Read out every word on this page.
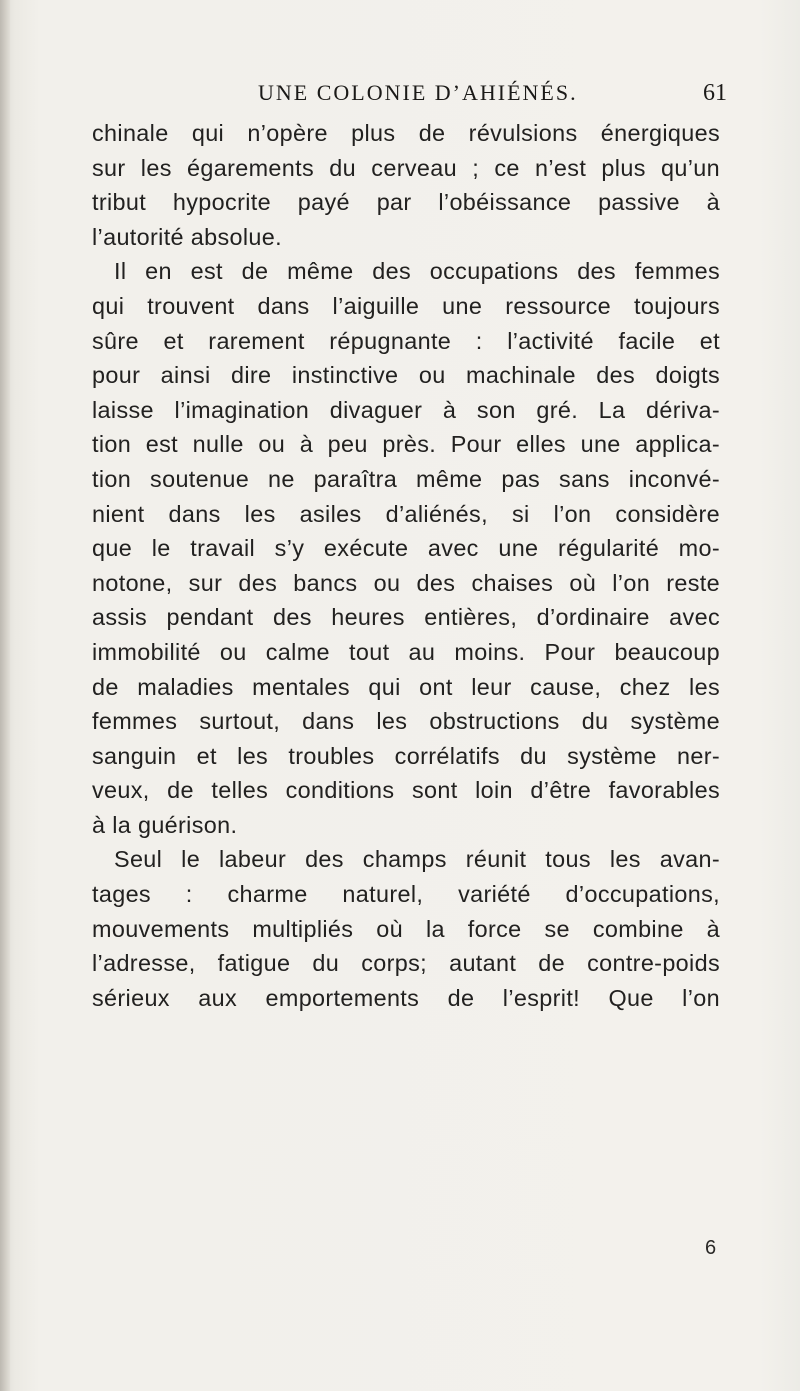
UNE COLONIE D’AHIÉNÉS.	61
chinale qui n’opère plus de révulsions énergiques
sur les égarements du cerveau ; ce n’est plus qu’un
tribut hypocrite payé par l’obéissance passive à
l’autorité absolue.
Il en est de même des occupations des femmes
qui trouvent dans l’aiguille une ressource toujours
sûre et rarement répugnante : l’activité facile et
pour ainsi dire instinctive ou machinale des doigts
laisse l’imagination divaguer à son gré. La dériva-
tion est nulle ou à peu près. Pour elles une applica-
tion soutenue ne paraîtra même pas sans inconvé-
nient dans les asiles d’aliénés, si l’on considère
que le travail s’y exécute avec une régularité mo-
notone, sur des bancs ou des chaises où l’on reste
assis pendant des heures entières, d’ordinaire avec
immobilité ou calme tout au moins. Pour beaucoup
de maladies mentales qui ont leur cause, chez les
femmes surtout, dans les obstructions du système
sanguin et les troubles corrélatifs du système ner-
veux, de telles conditions sont loin d’être favorables
à la guérison.
Seul le labeur des champs réunit tous les avan-
tages : charme naturel, variété d’occupations,
mouvements multipliés où la force se combine à
l’adresse, fatigue du corps; autant de contre-poids
sérieux aux emportements de l’esprit! Que l’on
6
